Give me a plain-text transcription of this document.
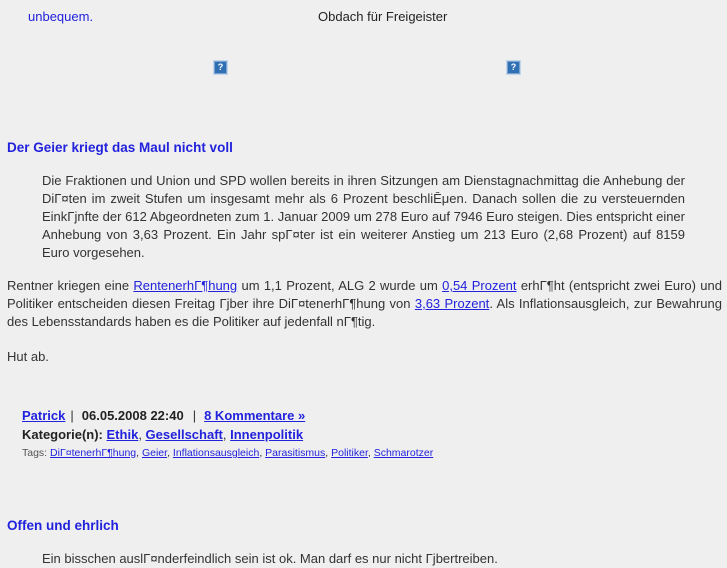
unbequem.	Obdach für Freigeister
?	?
Der Geier kriegt das Maul nicht voll

Die Fraktionen und Union und SPD wollen bereits in ihren Sitzungen am Dienstagnachmittag die Anhebung der DiΓ¤ten im zweit Stufen um insgesamt mehr als 6 Prozent beschliĒμen. Danach sollen die zu versteuernden EinkΓjnfte der 612 Abgeordneten zum 1. Januar 2009 um 278 Euro auf 7946 Euro steigen. Dies entspricht einer Anhebung von 3,63 Prozent. Ein Jahr spΓ¤ter ist ein weiterer Anstieg um 213 Euro (2,68 Prozent) auf 8159 Euro vorgesehen.

Rentner kriegen eine RentenerhΓ¶hung um 1,1 Prozent, ALG 2 wurde um 0,54 Prozent erhΓ¶ht (entspricht zwei Euro) und Politiker entscheiden diesen Freitag Γjber ihre DiΓ¤tenerhΓ¶hung von 3,63 Prozent. Als Inflationsausgleich, zur Bewahrung des Lebensstandards haben es die Politiker auf jedenfall nΓ¶tig.

Hut ab.

Patrick | 06.05.2008 22:40 | 8 Kommentare »
Kategorie(n): Ethik, Gesellschaft, Innenpolitik
Tags: DiΓ¤tenerhΓ¶hung, Geier, Inflationsausgleich, Parasitismus, Politiker, Schmarotzer
Offen und ehrlich

Ein bisschen auslΓ¤nderfeindlich sein ist ok. Man darf es nur nicht Γjbertreiben.
